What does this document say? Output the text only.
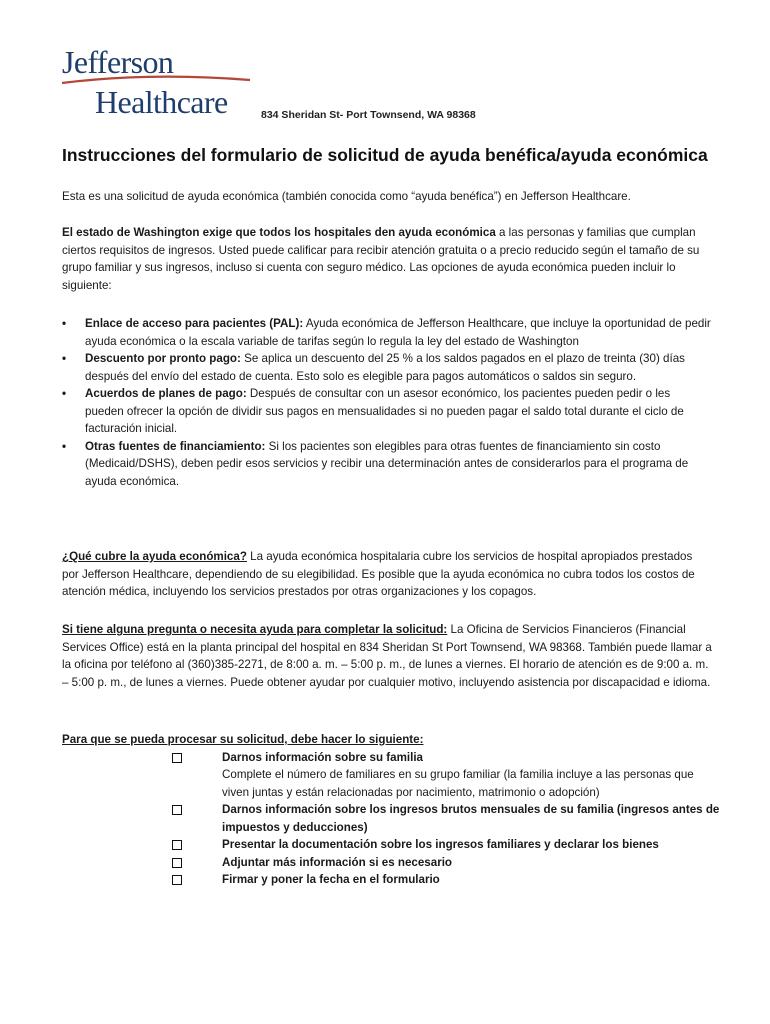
Jefferson
Healthcare	834 Sheridan St- Port Townsend, WA 98368
Instrucciones del formulario de solicitud de ayuda benéfica/ayuda económica
Esta es una solicitud de ayuda económica (también conocida como “ayuda benéfica”) en Jefferson Healthcare.
El estado de Washington exige que todos los hospitales den ayuda económica a las personas y familias que cumplan ciertos requisitos de ingresos. Usted puede calificar para recibir atención gratuita o a precio reducido según el tamaño de su grupo familiar y sus ingresos, incluso si cuenta con seguro médico. Las opciones de ayuda económica pueden incluir lo siguiente:
• Enlace de acceso para pacientes (PAL): Ayuda económica de Jefferson Healthcare, que incluye la oportunidad de pedir ayuda económica o la escala variable de tarifas según lo regula la ley del estado de Washington
• Descuento por pronto pago: Se aplica un descuento del 25 % a los saldos pagados en el plazo de treinta (30) días después del envío del estado de cuenta. Esto solo es elegible para pagos automáticos o saldos sin seguro.
• Acuerdos de planes de pago: Después de consultar con un asesor económico, los pacientes pueden pedir o les pueden ofrecer la opción de dividir sus pagos en mensualidades si no pueden pagar el saldo total durante el ciclo de facturación inicial.
• Otras fuentes de financiamiento: Si los pacientes son elegibles para otras fuentes de financiamiento sin costo (Medicaid/DSHS), deben pedir esos servicios y recibir una determinación antes de considerarlos para el programa de ayuda económica.
¿Qué cubre la ayuda económica? La ayuda económica hospitalaria cubre los servicios de hospital apropiados prestados por Jefferson Healthcare, dependiendo de su elegibilidad. Es posible que la ayuda económica no cubra todos los costos de atención médica, incluyendo los servicios prestados por otras organizaciones y los copagos.
Si tiene alguna pregunta o necesita ayuda para completar la solicitud: La Oficina de Servicios Financieros (Financial Services Office) está en la planta principal del hospital en 834 Sheridan St Port Townsend, WA 98368. También puede llamar a la oficina por teléfono al (360)385-2271, de 8:00 a. m. – 5:00 p. m., de lunes a viernes. El horario de atención es de 9:00 a. m. – 5:00 p. m., de lunes a viernes. Puede obtener ayudar por cualquier motivo, incluyendo asistencia por discapacidad e idioma.
Para que se pueda procesar su solicitud, debe hacer lo siguiente:
Darnos información sobre su familia
Complete el número de familiares en su grupo familiar (la familia incluye a las personas que viven juntas y están relacionadas por nacimiento, matrimonio o adopción)
Darnos información sobre los ingresos brutos mensuales de su familia (ingresos antes de impuestos y deducciones)
Presentar la documentación sobre los ingresos familiares y declarar los bienes
Adjuntar más información si es necesario
Firmar y poner la fecha en el formulario
